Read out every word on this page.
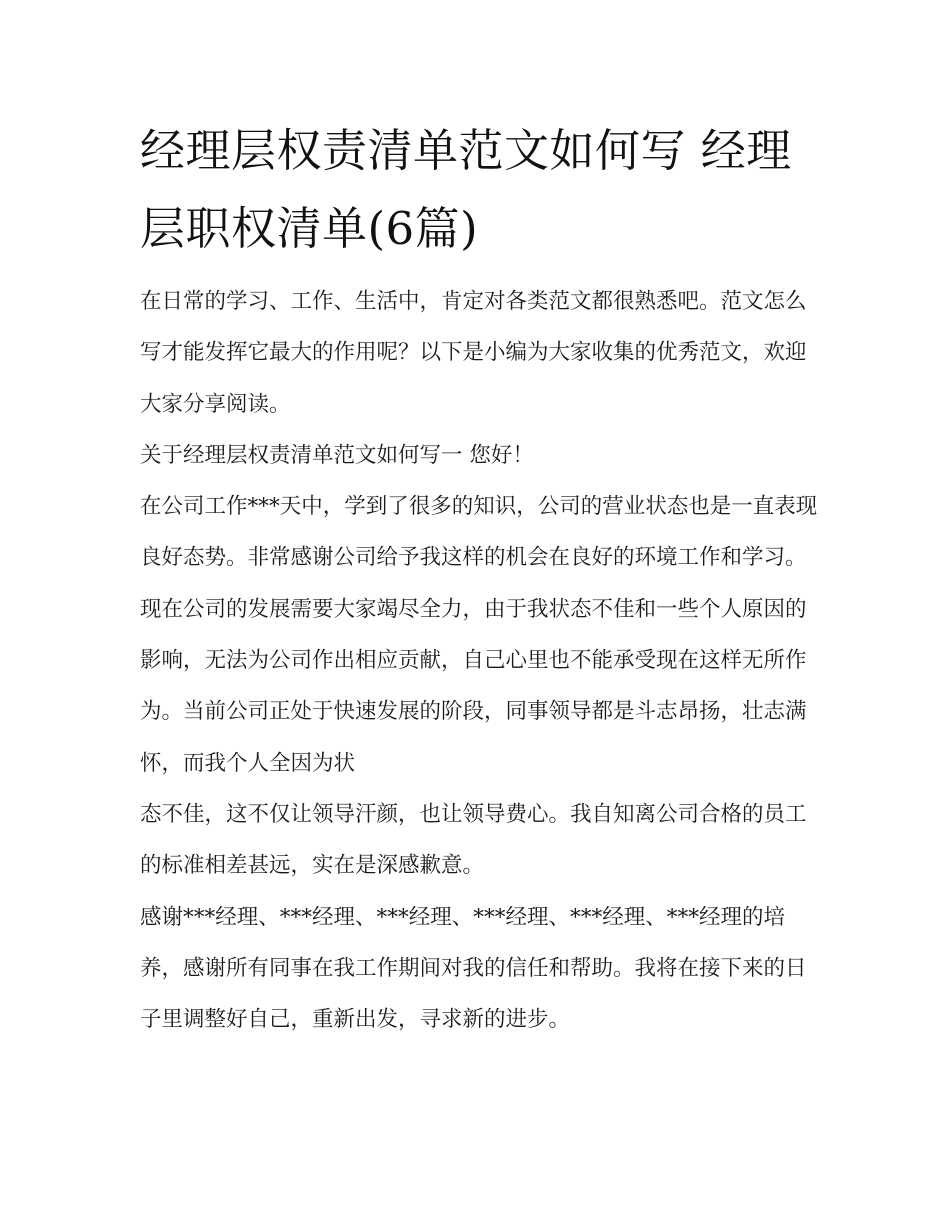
经理层权责清单范文如何写 经理层职权清单(6篇)

在日常的学习、工作、生活中，肯定对各类范文都很熟悉吧。范文怎么写才能发挥它最大的作用呢？以下是小编为大家收集的优秀范文，欢迎大家分享阅读。

关于经理层权责清单范文如何写一 您好！

在公司工作***天中，学到了很多的知识，公司的营业状态也是一直表现良好态势。非常感谢公司给予我这样的机会在良好的环境工作和学习。现在公司的发展需要大家竭尽全力，由于我状态不佳和一些个人原因的影响，无法为公司作出相应贡献，自己心里也不能承受现在这样无所作为。当前公司正处于快速发展的阶段，同事领导都是斗志昂扬，壮志满怀，而我个人全因为状

态不佳，这不仅让领导汗颜，也让领导费心。我自知离公司合格的员工的标准相差甚远，实在是深感歉意。

感谢***经理、***经理、***经理、***经理、***经理、***经理的培养，感谢所有同事在我工作期间对我的信任和帮助。我将在接下来的日子里调整好自己，重新出发，寻求新的进步。
